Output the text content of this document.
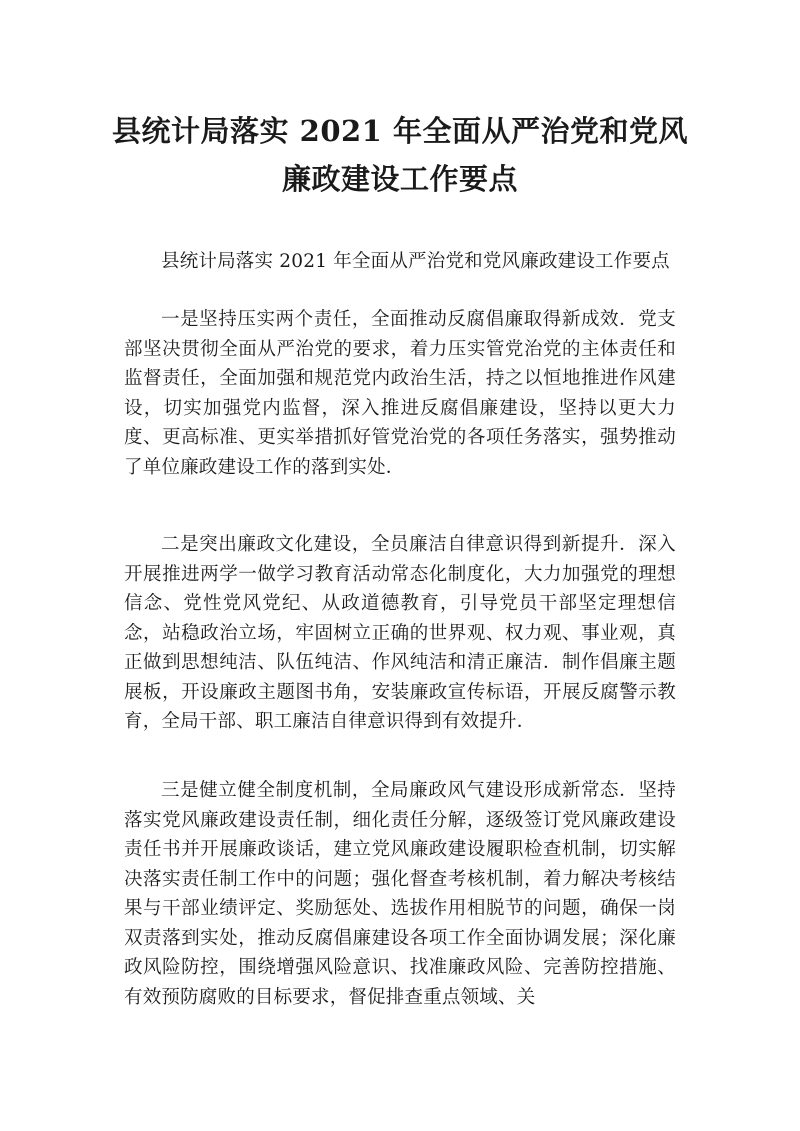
县统计局落实 2021 年全面从严治党和党风
廉政建设工作要点

县统计局落实 2021 年全面从严治党和党风廉政建设工作要点

一是坚持压实两个责任，全面推动反腐倡廉取得新成效．党支部坚决贯彻全面从严治党的要求，着力压实管党治党的主体责任和监督责任，全面加强和规范党内政治生活，持之以恒地推进作风建设，切实加强党内监督，深入推进反腐倡廉建设，坚持以更大力度、更高标准、更实举措抓好管党治党的各项任务落实，强势推动了单位廉政建设工作的落到实处．

二是突出廉政文化建设，全员廉洁自律意识得到新提升．深入开展推进两学一做学习教育活动常态化制度化，大力加强党的理想信念、党性党风党纪、从政道德教育，引导党员干部坚定理想信念，站稳政治立场，牢固树立正确的世界观、权力观、事业观，真正做到思想纯洁、队伍纯洁、作风纯洁和清正廉洁．制作倡廉主题展板，开设廉政主题图书角，安装廉政宣传标语，开展反腐警示教育，全局干部、职工廉洁自律意识得到有效提升．

三是健立健全制度机制，全局廉政风气建设形成新常态．坚持落实党风廉政建设责任制，细化责任分解，逐级签订党风廉政建设责任书并开展廉政谈话，建立党风廉政建设履职检查机制，切实解决落实责任制工作中的问题；强化督查考核机制，着力解决考核结果与干部业绩评定、奖励惩处、选拔作用相脱节的问题，确保一岗双责落到实处，推动反腐倡廉建设各项工作全面协调发展；深化廉政风险防控，围绕增强风险意识、找准廉政风险、完善防控措施、有效预防腐败的目标要求，督促排查重点领域、关
